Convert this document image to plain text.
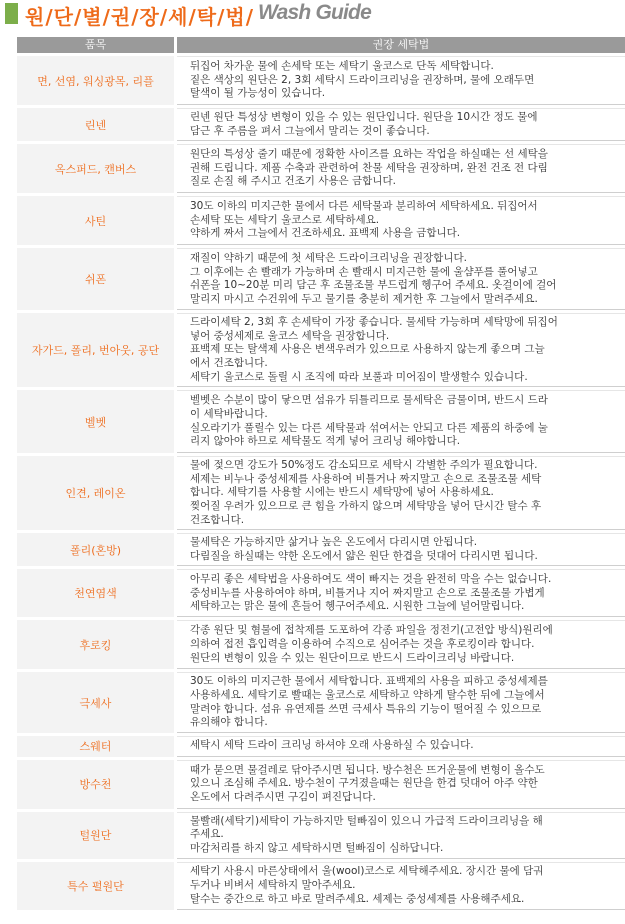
원/단/별/권/장/세/탁/법/ Wash Guide
품목	권장 세탁법
면, 선염, 워싱광목, 리플	뒤집어 차가운 물에 손세탁 또는 세탁기 울코스로 단독 세탁합니다.
짙은 색상의 원단은 2, 3회 세탁시 드라이크리닝을 권장하며, 물에 오래두면
탈색이 될 가능성이 있습니다.

린넨	린넨 원단 특성상 변형이 있을 수 있는 원단입니다. 원단을 10시간 정도 물에
담근 후 주름을 펴서 그늘에서 말리는 것이 좋습니다.

옥스퍼드, 캔버스	원단의 특성상 줄기 때문에 정확한 사이즈를 요하는 작업을 하실때는 선 세탁을
권해 드립니다. 제품 수축과 관련하여 찬물 세탁을 권장하며, 완전 건조 전 다림
질로 손질 해 주시고 건조기 사용은 금합니다.

사틴	30도 이하의 미지근한 물에서 다른 세탁물과 분리하여 세탁하세요. 뒤집어서
손세탁 또는 세탁기 울코스로 세탁하세요.
약하게 짜서 그늘에서 건조하세요. 표백제 사용을 금합니다.

쉬폰	재질이 약하기 때문에 첫 세탁은 드라이크리닝을 권장합니다.
그 이후에는 손 빨래가 가능하며 손 빨래시 미지근한 물에 울샴푸를 풀어넣고
쉬폰을 10~20분 미리 담근 후 조물조물 부드럽게 헹구어 주세요. 옷걸이에 걸어
말리지 마시고 수건위에 두고 물기를 충분히 제거한 후 그늘에서 말려주세요.

자가드, 폴리, 번아웃, 공단	드라이세탁 2, 3회 후 손세탁이 가장 좋습니다. 물세탁 가능하며 세탁망에 뒤집어
넣어 중성세제로 울코스 세탁을 권장합니다.
표백제 또는 탈색제 사용은 변색우려가 있으므로 사용하지 않는게 좋으며 그늘
에서 건조합니다.
세탁기 울코스로 돌릴 시 조직에 따라 보풀과 미어짐이 발생할수 있습니다.

벨벳	벨벳은 수분이 많이 닿으면 섬유가 뒤틀리므로 물세탁은 금물이며, 반드시 드라
이 세탁바랍니다.
실오라기가 풀릴수 있는 다른 세탁물과 섞여서는 안되고 다른 제품의 하중에 눌
리지 않아야 하므로 세탁물도 적게 넣어 크리닝 해야합니다.

인견, 레이온	물에 젖으면 강도가 50%정도 감소되므로 세탁시 각별한 주의가 필요합니다.
세제는 비누나 중성세제를 사용하여 비틀거나 짜지말고 손으로 조물조물 세탁
합니다. 세탁기를 사용할 시에는 반드시 세탁망에 넣어 사용하세요.
찢어질 우려가 있으므로 큰 힘을 가하지 않으며 세탁망을 넣어 단시간 탈수 후
건조합니다.

폴리(혼방)	물세탁은 가능하지만 삶거나 높은 온도에서 다리시면 안됩니다.
다림질을 하실때는 약한 온도에서 얇은 원단 한겹을 덧대어 다리시면 됩니다.

천연염색	아무리 좋은 세탁법을 사용하여도 색이 빠지는 것을 완전히 막을 수는 없습니다.
중성비누를 사용하여야 하며, 비틀거나 지어 짜지말고 손으로 조물조물 가볍게
세탁하고는 맑은 물에 흔들어 헹구어주세요. 시원한 그늘에 널어말립니다.

후로킹	각종 원단 및 혐물에 접착제를 도포하여 각종 파일을 정전기(고전압 방식)원리에
의하여 접전 흡입력을 이용하여 수직으로 심어주는 것을 후로킹이라 합니다.
원단의 변형이 있을 수 있는 원단이므로 반드시 드라이크리닝 바랍니다.

극세사	30도 이하의 미지근한 물에서 세탁합니다. 표백제의 사용을 피하고 중성세제를
사용하세요. 세탁기로 빨때는 울코스로 세탁하고 약하게 탈수한 뒤에 그늘에서
말려야 합니다. 섬유 유연제를 쓰면 극세사 특유의 기능이 떨어질 수 있으므로
유의해야 합니다.

스웨터	세탁시 세탁 드라이 크리닝 하셔야 오래 사용하실 수 있습니다.

방수천	때가 묻으면 물걸레로 닦아주시면 됩니다. 방수천은 뜨거운물에 변형이 올수도
있으니 조심해 주세요. 방수천이 구겨졌을때는 원단을 한겹 덧대어 아주 약한
온도에서 다려주시면 구김이 펴진답니다.

털원단	물빨래(세탁기)세탁이 가능하지만 털빠짐이 있으니 가급적 드라이크리닝을 해
주세요.
마감처리를 하지 않고 세탁하시면 털빠짐이 심하답니다.

특수 펄원단	세탁기 사용시 마른상태에서 울(wool)코스로 세탁해주세요. 장시간 물에 담궈
두거나 비벼서 세탁하지 말아주세요.
탈수는 중간으로 하고 바로 말려주세요. 세제는 중성세제를 사용해주세요.
